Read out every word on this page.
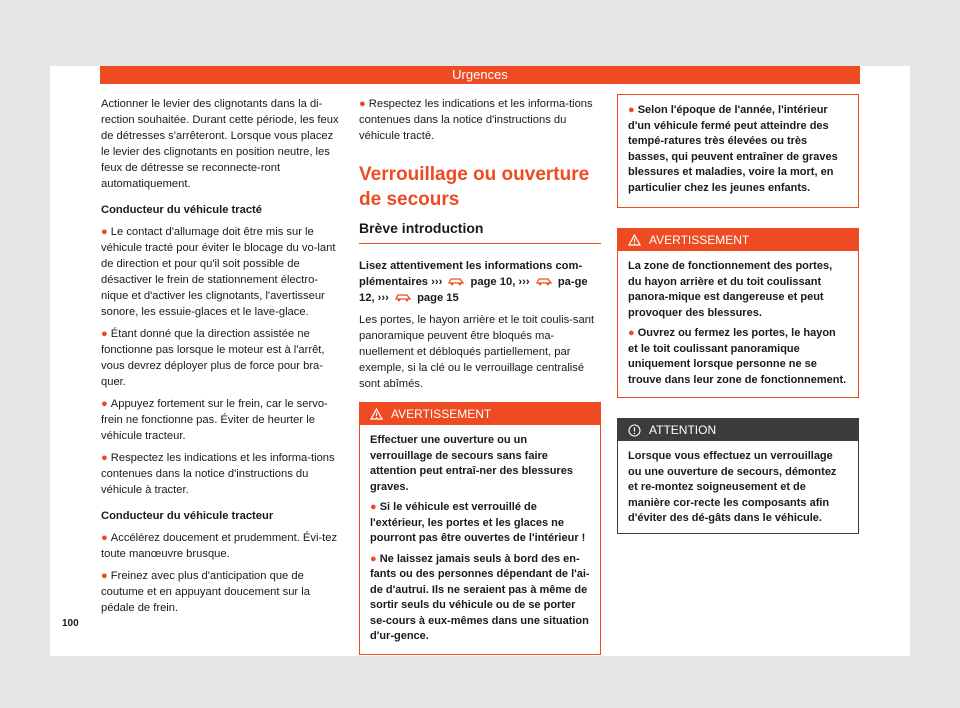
Urgences

Actionner le levier des clignotants dans la di-rection souhaitée. Durant cette période, les feux de détresses s'arrêteront. Lorsque vous placez le levier des clignotants en position neutre, les feux de détresse se reconnecte-ront automatiquement.

Conducteur du véhicule tracté

● Le contact d'allumage doit être mis sur le véhicule tracté pour éviter le blocage du vo-lant de direction et pour qu'il soit possible de désactiver le frein de stationnement électro-nique et d'activer les clignotants, l'avertisseur sonore, les essuie-glaces et le lave-glace.

● Étant donné que la direction assistée ne fonctionne pas lorsque le moteur est à l'arrêt, vous devrez déployer plus de force pour bra-quer.

● Appuyez fortement sur le frein, car le servo-frein ne fonctionne pas. Éviter de heurter le véhicule tracteur.

● Respectez les indications et les informa-tions contenues dans la notice d'instructions du véhicule à tracter.

Conducteur du véhicule tracteur

● Accélérez doucement et prudemment. Évi-tez toute manœuvre brusque.

● Freinez avec plus d'anticipation que de coutume et en appuyant doucement sur la pédale de frein.

● Respectez les indications et les informa-tions contenues dans la notice d'instructions du véhicule tracté.

Verrouillage ou ouverture de secours
Brève introduction

Lisez attentivement les informations com-plémentaires ›››	page 10, ›››	pa-ge 12, ›››	page 15

Les portes, le hayon arrière et le toit coulis-sant panoramique peuvent être bloqués ma-nuellement et débloqués partiellement, par exemple, si la clé ou le verrouillage centralisé sont abîmés.

AVERTISSEMENT

Effectuer une ouverture ou un verrouillage de secours sans faire attention peut entraî-ner des blessures graves.

● Si le véhicule est verrouillé de l'extérieur, les portes et les glaces ne pourront pas être ouvertes de l'intérieur !

● Ne laissez jamais seuls à bord des en-fants ou des personnes dépendant de l'ai-de d'autrui. Ils ne seraient pas à même de sortir seuls du véhicule ou de se porter se-cours à eux-mêmes dans une situation d'ur-gence.

● Selon l'époque de l'année, l'intérieur d'un véhicule fermé peut atteindre des tempé-ratures très élevées ou très basses, qui peuvent entraîner de graves blessures et maladies, voire la mort, en particulier chez les jeunes enfants.

AVERTISSEMENT

La zone de fonctionnement des portes, du hayon arrière et du toit coulissant panora-mique est dangereuse et peut provoquer des blessures.

● Ouvrez ou fermez les portes, le hayon et le toit coulissant panoramique uniquement lorsque personne ne se trouve dans leur zone de fonctionnement.

ATTENTION
Lorsque vous effectuez un verrouillage ou une ouverture de secours, démontez et re-montez soigneusement et de manière cor-recte les composants afin d'éviter des dé-gâts dans le véhicule.
100
